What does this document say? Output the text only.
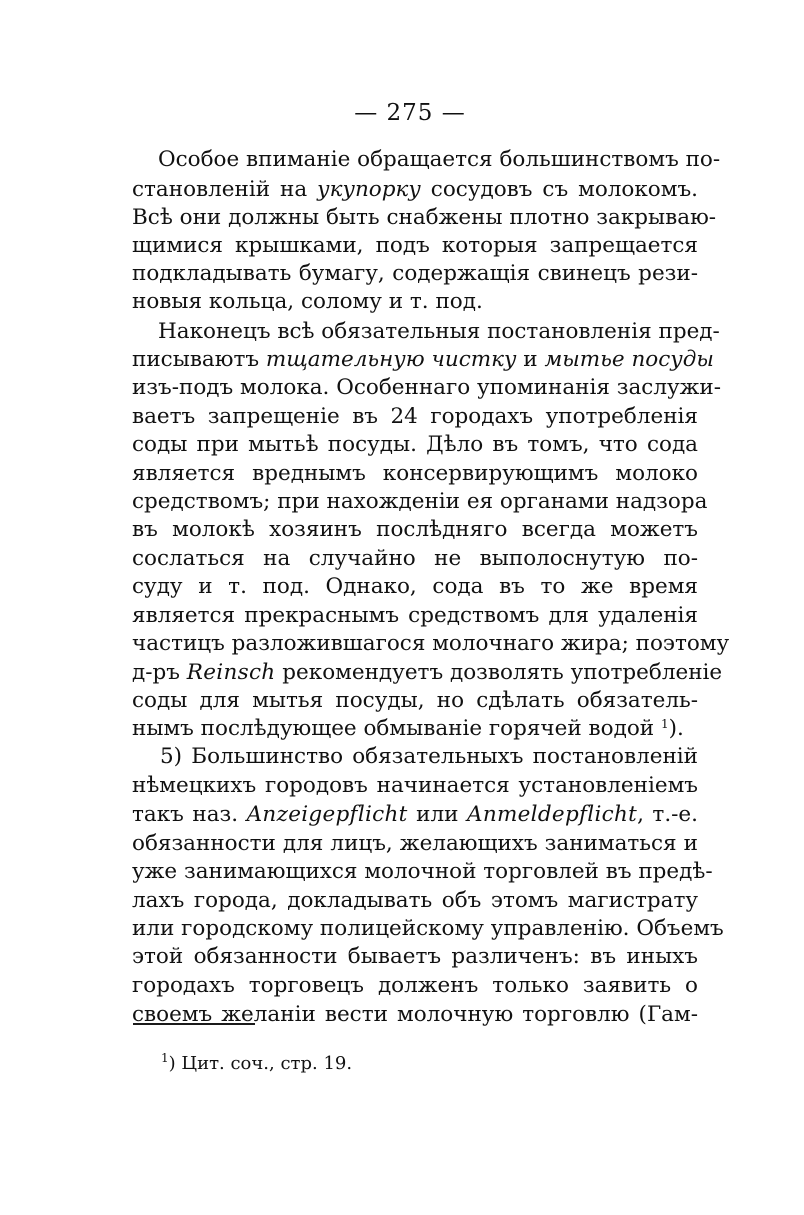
— 275 —
Особое впиманіе обращается большинствомъ по-
становленій на укупорку сосудовъ съ молокомъ.
Всѣ они должны быть снабжены плотно закрываю-
щимися крышками, подъ которыя запрещается
подкладывать бумагу, содержащія свинецъ рези-
новыя кольца, солому и т. под.
Наконецъ всѣ обязательныя постановленія пред-
писываютъ тщательную чистку и мытье посуды
изъ-подъ молока. Особеннаго упоминанія заслужи-
ваетъ запрещеніе въ 24 городахъ употребленія
соды при мытьѣ посуды. Дѣло въ томъ, что сода
является вреднымъ консервирующимъ молоко
средствомъ; при нахожденіи ея органами надзора
въ молокѣ хозяинъ послѣдняго всегда можетъ
сослаться на случайно не выполоснутую по-
суду и т. под. Однако, сода въ то же время
является прекраснымъ средствомъ для удаленія
частицъ разложившагося молочнаго жира; поэтому
д-ръ Reinsch рекомендуетъ дозволять употребленіе
соды для мытья посуды, но сдѣлать обязатель-
нымъ послѣдующее обмываніе горячей водой $^1$).
5) Большинство обязательныхъ постановленій
нѣмецкихъ городовъ начинается установленіемъ
такъ наз. Anzeigepflicht или Anmeldepflicht, т.-е.
обязанности для лицъ, желающихъ заниматься и
уже занимающихся молочной торговлей въ предѣ-
лахъ города, докладывать объ этомъ магистрату
или городскому полицейскому управленію. Объемъ
этой обязанности бываетъ различенъ: въ иныхъ
городахъ торговецъ долженъ только заявить о
своемъ желаніи вести молочную торговлю (Гам-
$^1$) Цит. соч., стр. 19.
